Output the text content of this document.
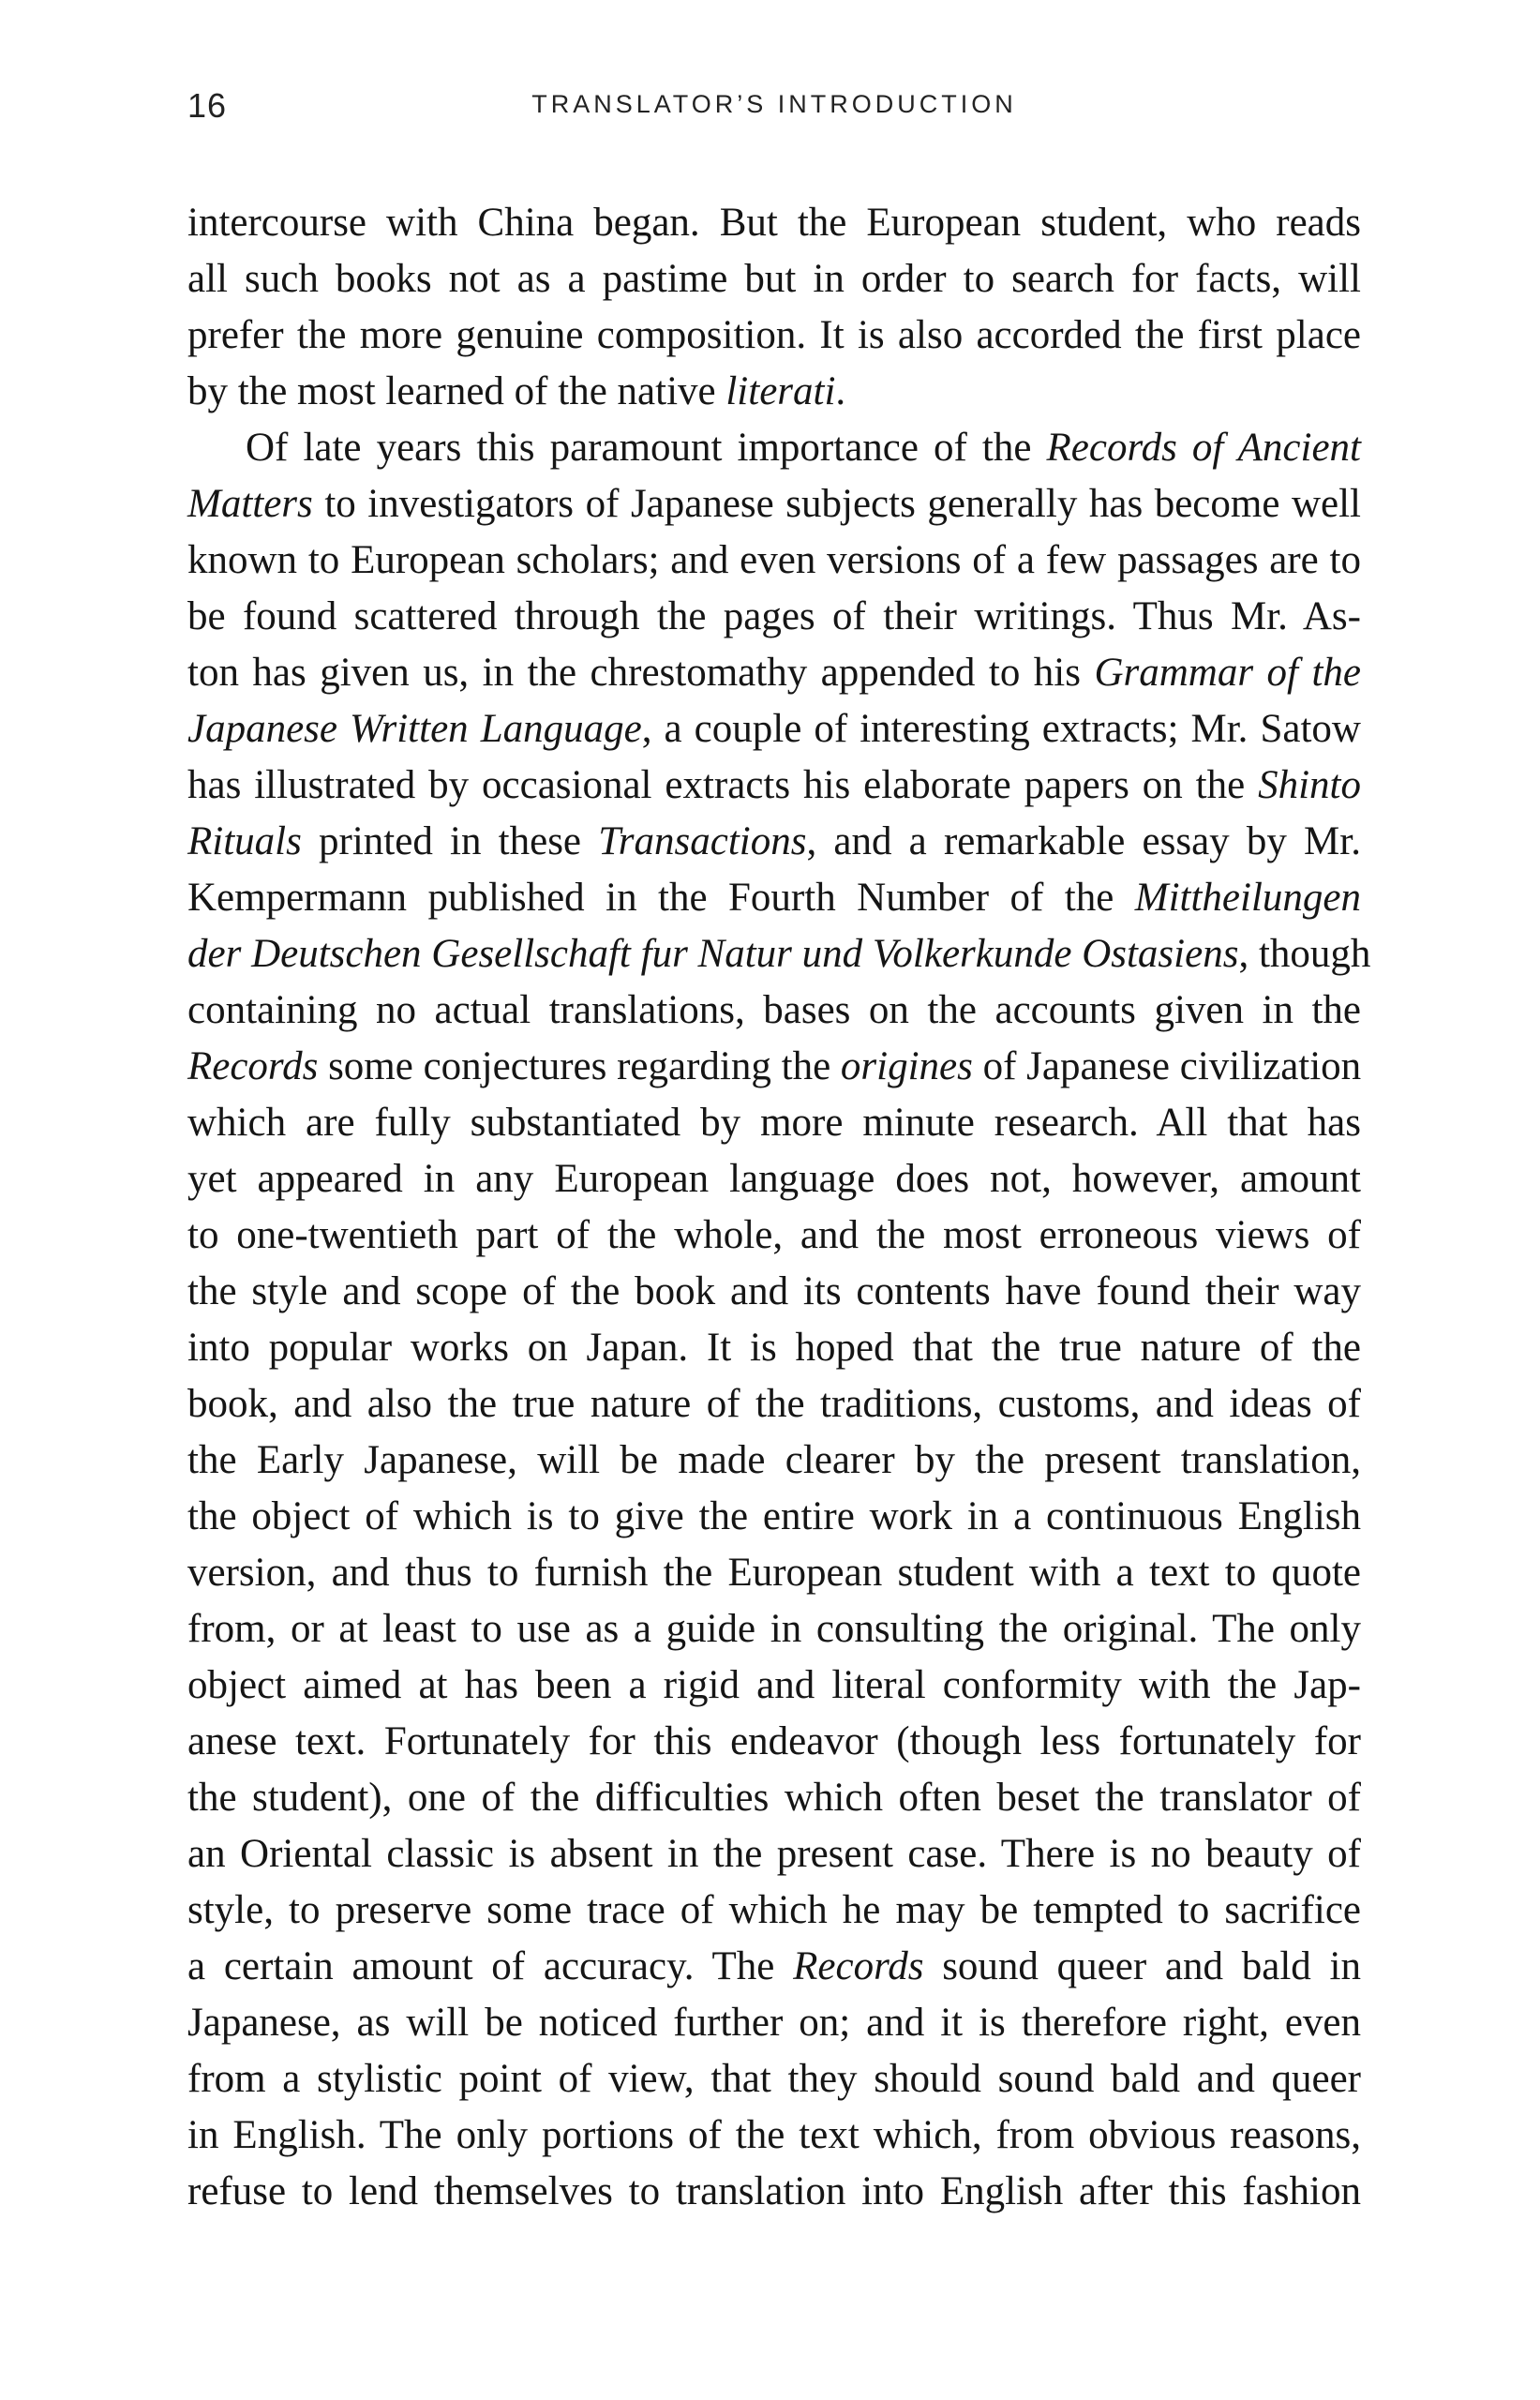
16	TRANSLATOR’S INTRODUCTION
intercourse with China began. But the European student, who reads
all such books not as a pastime but in order to search for facts, will
prefer the more genuine composition. It is also accorded the first place
by the most learned of the native literati.
Of late years this paramount importance of the Records of Ancient
Matters to investigators of Japanese subjects generally has become well
known to European scholars; and even versions of a few passages are to
be found scattered through the pages of their writings. Thus Mr. As-
ton has given us, in the chrestomathy appended to his Grammar of the
Japanese Written Language, a couple of interesting extracts; Mr. Satow
has illustrated by occasional extracts his elaborate papers on the Shinto
Rituals printed in these Transactions, and a remarkable essay by Mr.
Kempermann published in the Fourth Number of the Mittheilungen
der Deutschen Gesellschaft fur Natur und Volkerkunde Ostasiens, though
containing no actual translations, bases on the accounts given in the
Records some conjectures regarding the origines of Japanese civilization
which are fully substantiated by more minute research. All that has
yet appeared in any European language does not, however, amount
to one-twentieth part of the whole, and the most erroneous views of
the style and scope of the book and its contents have found their way
into popular works on Japan. It is hoped that the true nature of the
book, and also the true nature of the traditions, customs, and ideas of
the Early Japanese, will be made clearer by the present translation,
the object of which is to give the entire work in a continuous English
version, and thus to furnish the European student with a text to quote
from, or at least to use as a guide in consulting the original. The only
object aimed at has been a rigid and literal conformity with the Jap-
anese text. Fortunately for this endeavor (though less fortunately for
the student), one of the difficulties which often beset the translator of
an Oriental classic is absent in the present case. There is no beauty of
style, to preserve some trace of which he may be tempted to sacrifice
a certain amount of accuracy. The Records sound queer and bald in
Japanese, as will be noticed further on; and it is therefore right, even
from a stylistic point of view, that they should sound bald and queer
in English. The only portions of the text which, from obvious reasons,
refuse to lend themselves to translation into English after this fashion
